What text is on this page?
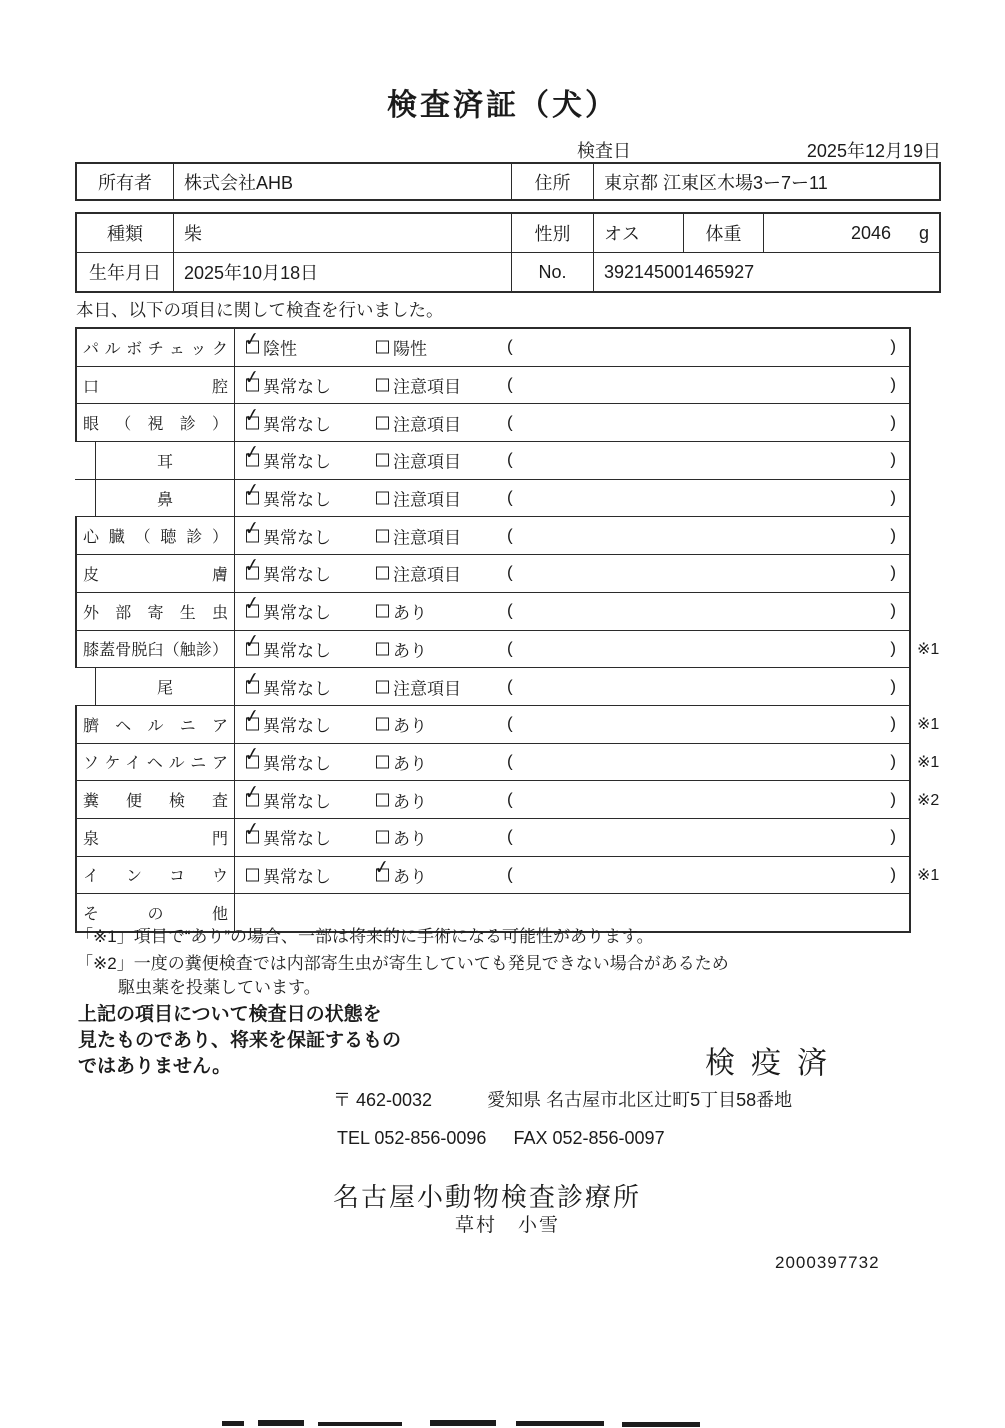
検査済証（犬）
検査日	2025年12月19日
所有者	株式会社AHB	住所	東京都 江東区木場3ー7ー11
種類	柴	性別	オス	体重	2046 g
生年月日	2025年10月18日	No.	392145001465927

本日、以下の項目に関して検査を行いました。

パルボチェック ✓ 陰性	陽性	(	)
口腔 ✓ 異常なし	注意項目	(	)
眼（視診） ✓ 異常なし	注意項目	(	)
耳	✓ 異常なし	注意項目	(	)
鼻	✓ 異常なし	注意項目	(	)
心臓（聴診） ✓ 異常なし	注意項目	(	)
皮膚 ✓ 異常なし	注意項目	(	)
外部寄生虫 ✓ 異常なし	あり	(	)
膝蓋骨脱臼（触診） ✓ 異常なし	あり	(	) ※1
尾	✓ 異常なし	注意項目	(	)
臍ヘルニア ✓ 異常なし	あり	(	) ※1
ソケイヘルニア ✓ 異常なし	あり	(	) ※1
糞便検査 ✓ 異常なし	あり	(	) ※2
泉門 ✓ 異常なし	あり	(	)
インコウ 異常なし ✓ あり	(	) ※1
その他
「※1」項目で“あり”の場合、一部は将来的に手術になる可能性があります。
「※2」一度の糞便検査では内部寄生虫が寄生していても発見できない場合があるため
駆虫薬を投薬しています。
上記の項目について検査日の状態を
見たものであり、将来を保証するもの
ではありません。	検疫済
〒 462-0032	愛知県 名古屋市北区辻町5丁目58番地
TEL 052-856-0096 FAX 052-856-0097
名古屋小動物検査診療所
草村　小雪
2000397732
